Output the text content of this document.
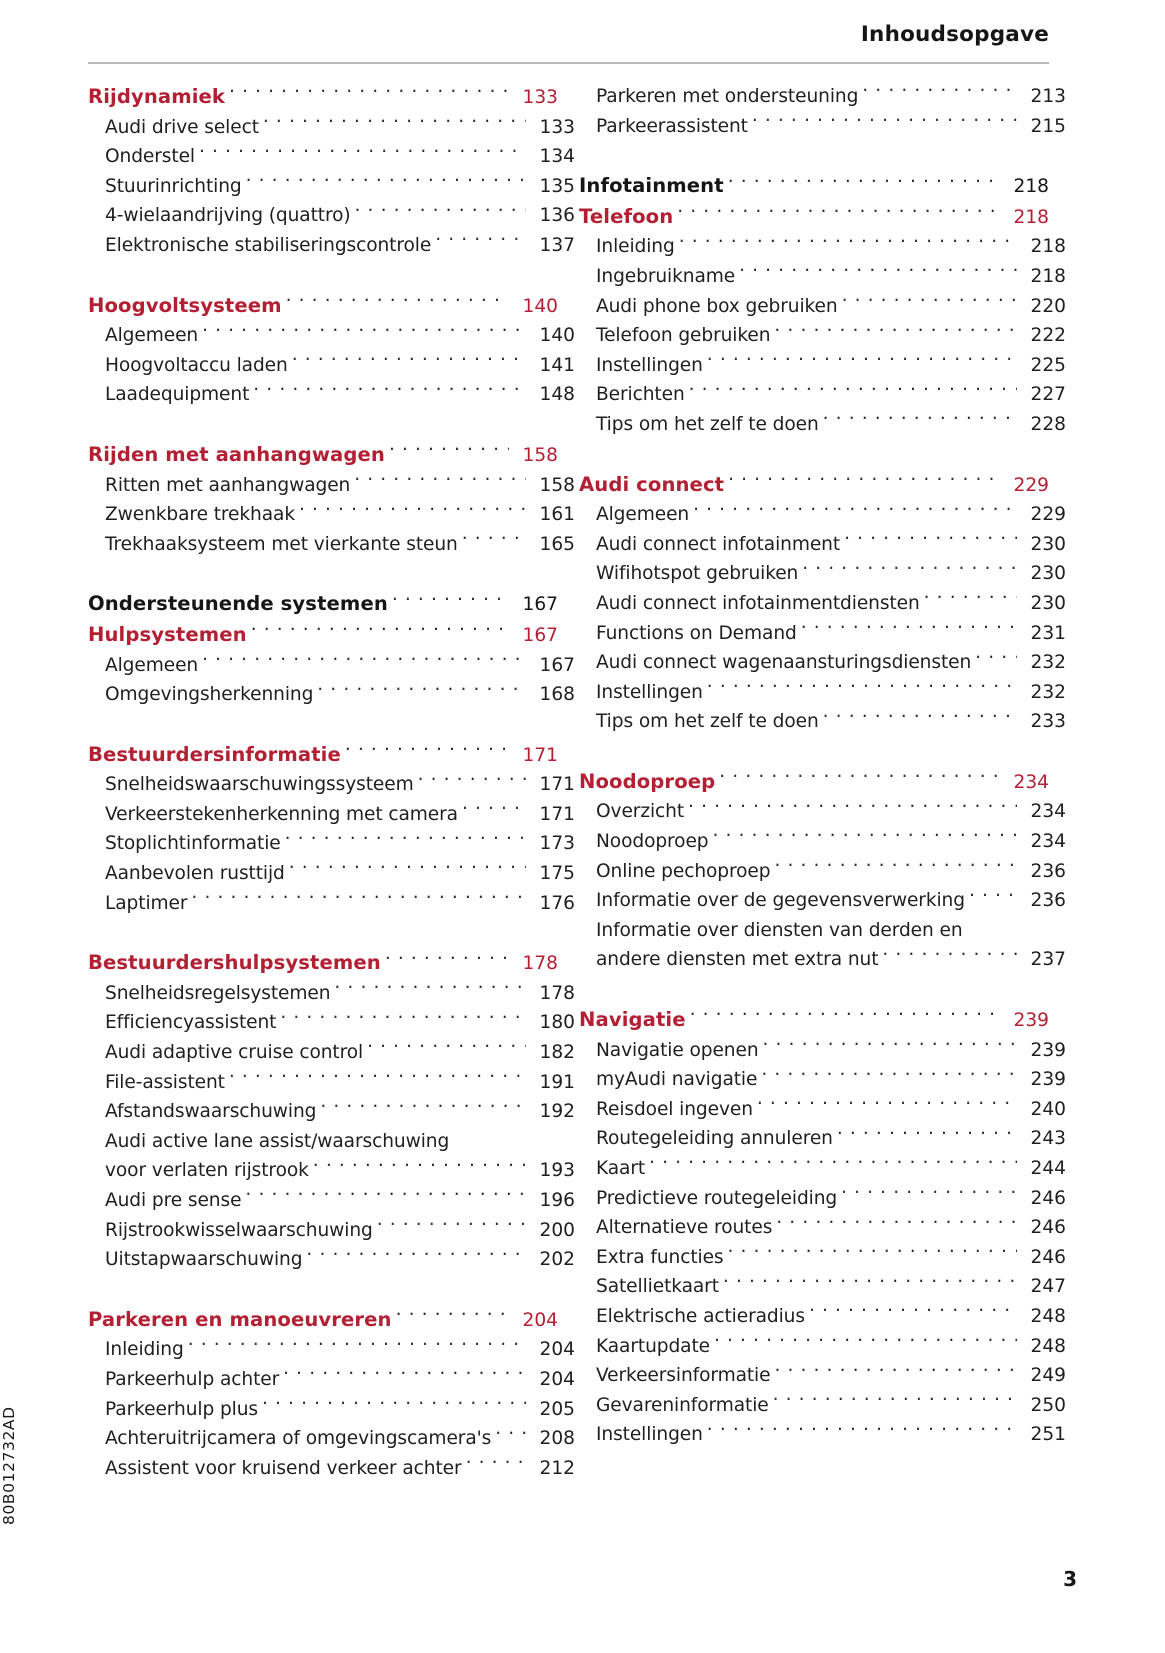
Inhoudsopgave
Rijdynamiek . . .	133
Audi drive select . . .	133
Onderstel . . .	134
Stuurinrichting . . .	135
4-wielaandrijving (quattro) . . .	136
Elektronische stabiliseringscontrole . . .	137
Hoogvoltsysteem . . .	140
Algemeen . . .	140
Hoogvoltaccu laden . . .	141
Laadequipment . . .	148
Rijden met aanhangwagen . . .	158
Ritten met aanhangwagen . . .	158
Zwenkbare trekhaak . . .	161
Trekhaaksysteem met vierkante steun . . .	165
Ondersteunende systemen . . .	167
Hulpsystemen . . .	167
Algemeen . . .	167
Omgevingsherkenning . . .	168
Bestuurdersinformatie . . .	171
Snelheidswaarschuwingssysteem . . .	171
Verkeerstekenherkenning met camera . . .	171
Stoplichtinformatie . . .	173
Aanbevolen rusttijd . . .	175
Laptimer . . .	176
Bestuurdershulpsystemen . . .	178
Snelheidsregelsystemen . . .	178
Efficiencyassistent . . .	180
Audi adaptive cruise control . . .	182
File-assistent . . .	191
Afstandswaarschuwing . . .	192
Audi active lane assist/waarschuwing
voor verlaten rijstrook . . .	193
Audi pre sense . . .	196
Rijstrookwisselwaarschuwing . . .	200
Uitstapwaarschuwing . . .	202
Parkeren en manoeuvreren . . .	204
Inleiding . . .	204
Parkeerhulp achter . . .	204
Parkeerhulp plus . . .	205
Achteruitrijcamera of omgevingscamera's . . .	208
Assistent voor kruisend verkeer achter . . .	212
Parkeren met ondersteuning . . .	213
Parkeerassistent . . .	215
Infotainment . . .	218
Telefoon . . .	218
Inleiding . . .	218
Ingebruikname . . .	218
Audi phone box gebruiken . . .	220
Telefoon gebruiken . . .	222
Instellingen . . .	225
Berichten . . .	227
Tips om het zelf te doen . . .	228
Audi connect . . .	229
Algemeen . . .	229
Audi connect infotainment . . .	230
Wifihotspot gebruiken . . .	230
Audi connect infotainmentdiensten . . .	230
Functions on Demand . . .	231
Audi connect wagenaansturingsdiensten . . .	232
Instellingen . . .	232
Tips om het zelf te doen . . .	233
Noodoproep . . .	234
Overzicht . . .	234
Noodoproep . . .	234
Online pechoproep . . .	236
Informatie over de gegevensverwerking . . .	236
Informatie over diensten van derden en
andere diensten met extra nut . . .	237
Navigatie . . .	239
Navigatie openen . . .	239
myAudi navigatie . . .	239
Reisdoel ingeven . . .	240
Routegeleiding annuleren . . .	243
Kaart . . .	244
Predictieve routegeleiding . . .	246
Alternatieve routes . . .	246
Extra functies . . .	246
Satellietkaart . . .	247
Elektrische actieradius . . .	248
Kaartupdate . . .	248
Verkeersinformatie . . .	249
Gevareninformatie . . .	250
Instellingen . . .	251
80B012732AD
3
